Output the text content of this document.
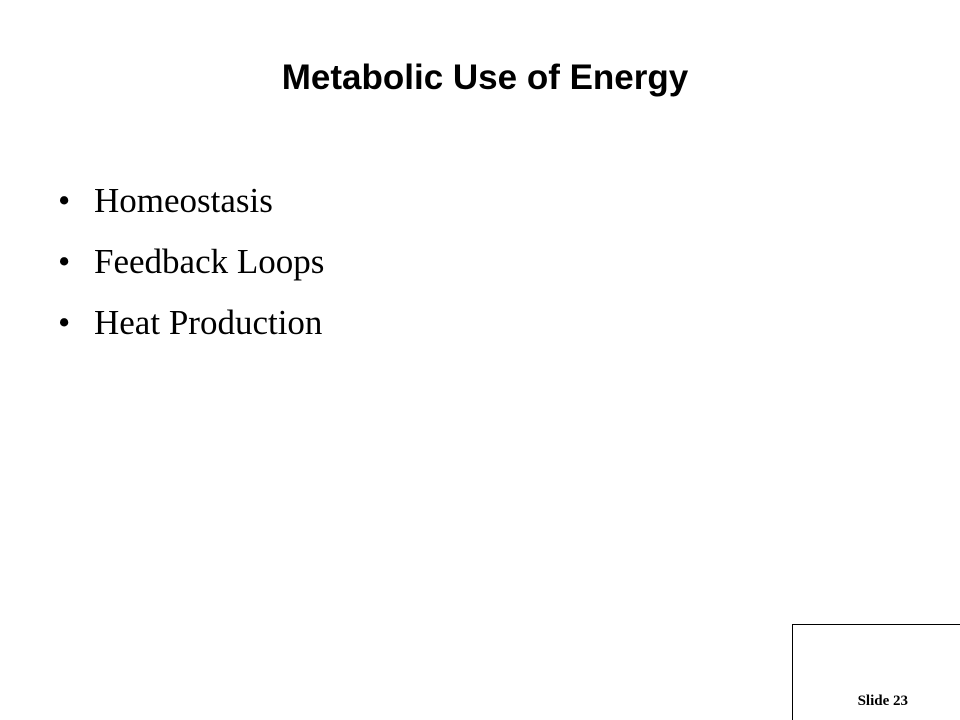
Metabolic Use of Energy
• Homeostasis
• Feedback Loops
• Heat Production
Slide 23
